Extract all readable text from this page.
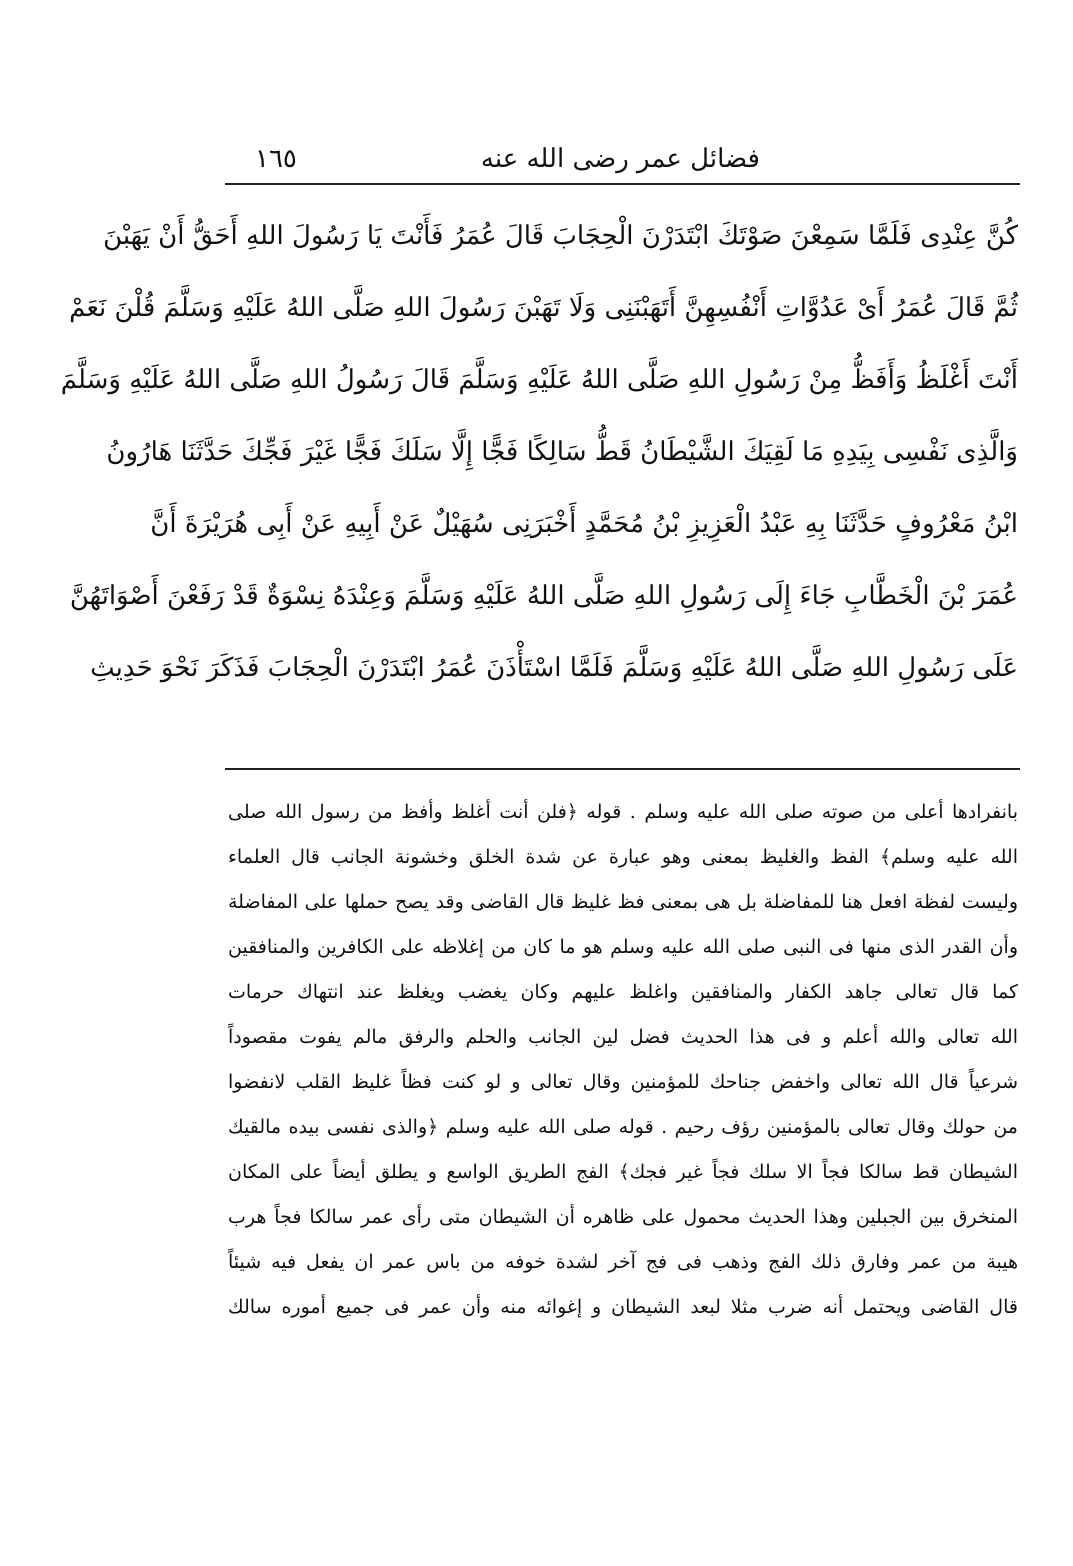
فضائل عمر رضی الله عنه
١٦٥
كُنَّ عِنْدِی فَلَمَّا سَمِعْنَ صَوْتَكَ ابْتَدَرْنَ الْحِجَابَ قَالَ عُمَرُ فَأَنْتَ يَا رَسُولَ اللهِ أَحَقُّ أَنْ يَهَبْنَ
ثُمَّ قَالَ عُمَرُ أَیْ عَدُوَّاتِ أَنْفُسِهِنَّ أَتَهَبْنَنِی وَلَا تَهَبْنَ رَسُولَ اللهِ صَلَّى اللهُ عَلَيْهِ وَسَلَّمَ قُلْنَ نَعَمْ
أَنْتَ أَغْلَظُ وَأَفَظُّ مِنْ رَسُولِ اللهِ صَلَّى اللهُ عَلَيْهِ وَسَلَّمَ قَالَ رَسُولُ اللهِ صَلَّى اللهُ عَلَيْهِ وَسَلَّمَ
وَالَّذِی نَفْسِی بِيَدِهِ مَا لَقِيَكَ الشَّيْطَانُ قَطُّ سَالِكًا فَجًّا إِلَّا سَلَكَ فَجًّا غَيْرَ فَجِّكَ حَدَّثَنَا هَارُونُ
ابْنُ مَعْرُوفٍ حَدَّثَنَا بِهِ عَبْدُ الْعَزِيزِ بْنُ مُحَمَّدٍ أَخْبَرَنِی سُهَيْلٌ عَنْ أَبِيهِ عَنْ أَبِی هُرَيْرَةَ أَنَّ
عُمَرَ بْنَ الْخَطَّابِ جَاءَ إِلَى رَسُولِ اللهِ صَلَّى اللهُ عَلَيْهِ وَسَلَّمَ وَعِنْدَهُ نِسْوَةٌ قَدْ رَفَعْنَ أَصْوَاتَهُنَّ
عَلَى رَسُولِ اللهِ صَلَّى اللهُ عَلَيْهِ وَسَلَّمَ فَلَمَّا اسْتَأْذَنَ عُمَرُ ابْتَدَرْنَ الْحِجَابَ فَذَكَرَ نَحْوَ حَدِيثِ
بانفرادها أعلى من صوته صلى الله عليه وسلم . قوله ﴿فلن أنت أغلظ وأفظ من رسول الله صلى
الله عليه وسلم﴾ الفظ والغليظ بمعنى وهو عبارة عن شدة الخلق وخشونة الجانب قال العلماء
وليست لفظة افعل هنا للمفاضلة بل هى بمعنى فظ غليظ قال القاضى وقد يصح حملها على المفاضلة
وأن القدر الذى منها فى النبى صلى الله عليه وسلم هو ما كان من إغلاظه على الكافرين والمنافقين
كما قال تعالى جاهد الكفار والمنافقين واغلظ عليهم وكان يغضب ويغلظ عند انتهاك حرمات
الله تعالى والله أعلم و فى هذا الحديث فضل لين الجانب والحلم والرفق مالم يفوت مقصوداً
شرعياً قال الله تعالى واخفض جناحك للمؤمنين وقال تعالى و لو كنت فظاً غليظ القلب لانفضوا
من حولك وقال تعالى بالمؤمنين رؤف رحيم . قوله صلى الله عليه وسلم ﴿والذى نفسى بيده مالقيك
الشيطان قط سالكا فجاً الا سلك فجاً غير فجك﴾ الفج الطريق الواسع و يطلق أيضاً على المكان
المنخرق بين الجبلين وهذا الحديث محمول على ظاهره أن الشيطان متى رأى عمر سالكا فجاً هرب
هيبة من عمر وفارق ذلك الفج وذهب فى فج آخر لشدة خوفه من باس عمر ان يفعل فيه شيئاً
قال القاضى ويحتمل أنه ضرب مثلا لبعد الشيطان و إغوائه منه وأن عمر فى جميع أموره سالك
